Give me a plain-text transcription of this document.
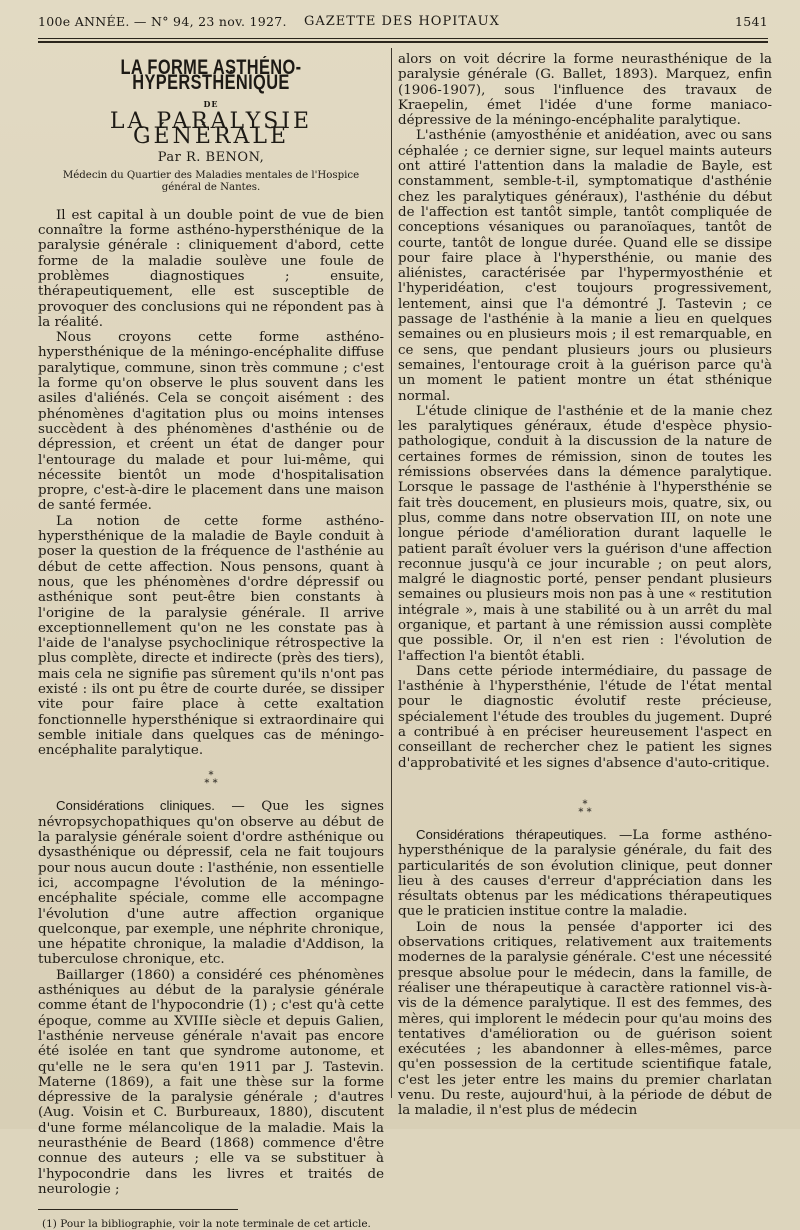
100e ANNÉE. — N° 94, 23 nov. 1927. GAZETTE DES HOPITAUX	1541
LA FORME ASTHÉNO-HYPERSTHÉNIQUE
DE
LA PARALYSIE GÉNÉRALE
Par R. BENON,
Médecin du Quartier des Maladies mentales de l'Hospice général de Nantes.
Il est capital à un double point de vue de bien connaître la forme asthéno-hypersthénique de la paralysie générale : cliniquement d'abord, cette forme de la maladie soulève une foule de problèmes diagnostiques ; ensuite, thérapeutiquement, elle est susceptible de provoquer des conclusions qui ne répondent pas à la réalité.
Nous croyons cette forme asthéno-hypersthénique de la méningo-encéphalite diffuse paralytique, commune, sinon très commune ; c'est la forme qu'on observe le plus souvent dans les asiles d'aliénés. Cela se conçoit aisément : des phénomènes d'agitation plus ou moins intenses succèdent à des phénomènes d'asthénie ou de dépression, et créent un état de danger pour l'entourage du malade et pour lui-même, qui nécessite bientôt un mode d'hospitalisation propre, c'est-à-dire le placement dans une maison de santé fermée.
La notion de cette forme asthéno-hypersthénique de la maladie de Bayle conduit à poser la question de la fréquence de l'asthénie au début de cette affection. Nous pensons, quant à nous, que les phénomènes d'ordre dépressif ou asthénique sont peut-être bien constants à l'origine de la paralysie générale. Il arrive exceptionnellement qu'on ne les constate pas à l'aide de l'analyse psychoclinique rétrospective la plus complète, directe et indirecte (près des tiers), mais cela ne signifie pas sûrement qu'ils n'ont pas existé : ils ont pu être de courte durée, se dissiper vite pour faire place à cette exaltation fonctionnelle hypersthénique si extraordinaire qui semble initiale dans quelques cas de méningo-encéphalite paralytique.
*
* *
Considérations cliniques. — Que les signes névropsychopathiques qu'on observe au début de la paralysie générale soient d'ordre asthénique ou dysasthénique ou dépressif, cela ne fait toujours pour nous aucun doute : l'asthénie, non essentielle ici, accompagne l'évolution de la méningo-encéphalite spéciale, comme elle accompagne l'évolution d'une autre affection organique quelconque, par exemple, une néphrite chronique, une hépatite chronique, la maladie d'Addison, la tuberculose chronique, etc.
Baillarger (1860) a considéré ces phénomènes asthéniques au début de la paralysie générale comme étant de l'hypocondrie (1) ; c'est qu'à cette époque, comme au XVIIIe siècle et depuis Galien, l'asthénie nerveuse générale n'avait pas encore été isolée en tant que syndrome autonome, et qu'elle ne le sera qu'en 1911 par J. Tastevin. Materne (1869), a fait une thèse sur la forme dépressive de la paralysie générale ; d'autres (Aug. Voisin et C. Burbureaux, 1880), discutent d'une forme mélancolique de la maladie. Mais la neurasthénie de Beard (1868) commence d'être connue des auteurs ; elle va se substituer à l'hypocondrie dans les livres et traités de neurologie ;
(1) Pour la bibliographie, voir la note terminale de cet article.
alors on voit décrire la forme neurasthénique de la paralysie générale (G. Ballet, 1893). Marquez, enfin (1906-1907), sous l'influence des travaux de Kraepelin, émet l'idée d'une forme maniaco-dépressive de la méningo-encéphalite paralytique.
L'asthénie (amyosthénie et anidéation, avec ou sans céphalée ; ce dernier signe, sur lequel maints auteurs ont attiré l'attention dans la maladie de Bayle, est constamment, semble-t-il, symptomatique d'asthénie chez les paralytiques généraux), l'asthénie du début de l'affection est tantôt simple, tantôt compliquée de conceptions vésaniques ou paranoïaques, tantôt de courte, tantôt de longue durée. Quand elle se dissipe pour faire place à l'hypersthénie, ou manie des aliénistes, caractérisée par l'hypermyosthénie et l'hyperidéation, c'est toujours progressivement, lentement, ainsi que l'a démontré J. Tastevin ; ce passage de l'asthénie à la manie a lieu en quelques semaines ou en plusieurs mois ; il est remarquable, en ce sens, que pendant plusieurs jours ou plusieurs semaines, l'entourage croit à la guérison parce qu'à un moment le patient montre un état sthénique normal.
L'étude clinique de l'asthénie et de la manie chez les paralytiques généraux, étude d'espèce physio-pathologique, conduit à la discussion de la nature de certaines formes de rémission, sinon de toutes les rémissions observées dans la démence paralytique. Lorsque le passage de l'asthénie à l'hypersthénie se fait très doucement, en plusieurs mois, quatre, six, ou plus, comme dans notre observation III, on note une longue période d'amélioration durant laquelle le patient paraît évoluer vers la guérison d'une affection reconnue jusqu'à ce jour incurable ; on peut alors, malgré le diagnostic porté, penser pendant plusieurs semaines ou plusieurs mois non pas à une « restitution intégrale », mais à une stabilité ou à un arrêt du mal organique, et partant à une rémission aussi complète que possible. Or, il n'en est rien : l'évolution de l'affection l'a bientôt établi.
Dans cette période intermédiaire, du passage de l'asthénie à l'hypersthénie, l'étude de l'état mental pour le diagnostic évolutif reste précieuse, spécialement l'étude des troubles du jugement. Dupré a contribué à en préciser heureusement l'aspect en conseillant de rechercher chez le patient les signes d'approbativité et les signes d'absence d'auto-critique.
*
* *
Considérations thérapeutiques. —La forme asthéno-hypersthénique de la paralysie générale, du fait des particularités de son évolution clinique, peut donner lieu à des causes d'erreur d'appréciation dans les résultats obtenus par les médications thérapeutiques que le praticien institue contre la maladie.
Loin de nous la pensée d'apporter ici des observations critiques, relativement aux traitements modernes de la paralysie générale. C'est une nécessité presque absolue pour le médecin, dans la famille, de réaliser une thérapeutique à caractère rationnel vis-à-vis de la démence paralytique. Il est des femmes, des mères, qui implorent le médecin pour qu'au moins des tentatives d'amélioration ou de guérison soient exécutées ; les abandonner à elles-mêmes, parce qu'en possession de la certitude scientifique fatale, c'est les jeter entre les mains du premier charlatan venu. Du reste, aujourd'hui, à la période de début de la maladie, il n'est plus de médecin
